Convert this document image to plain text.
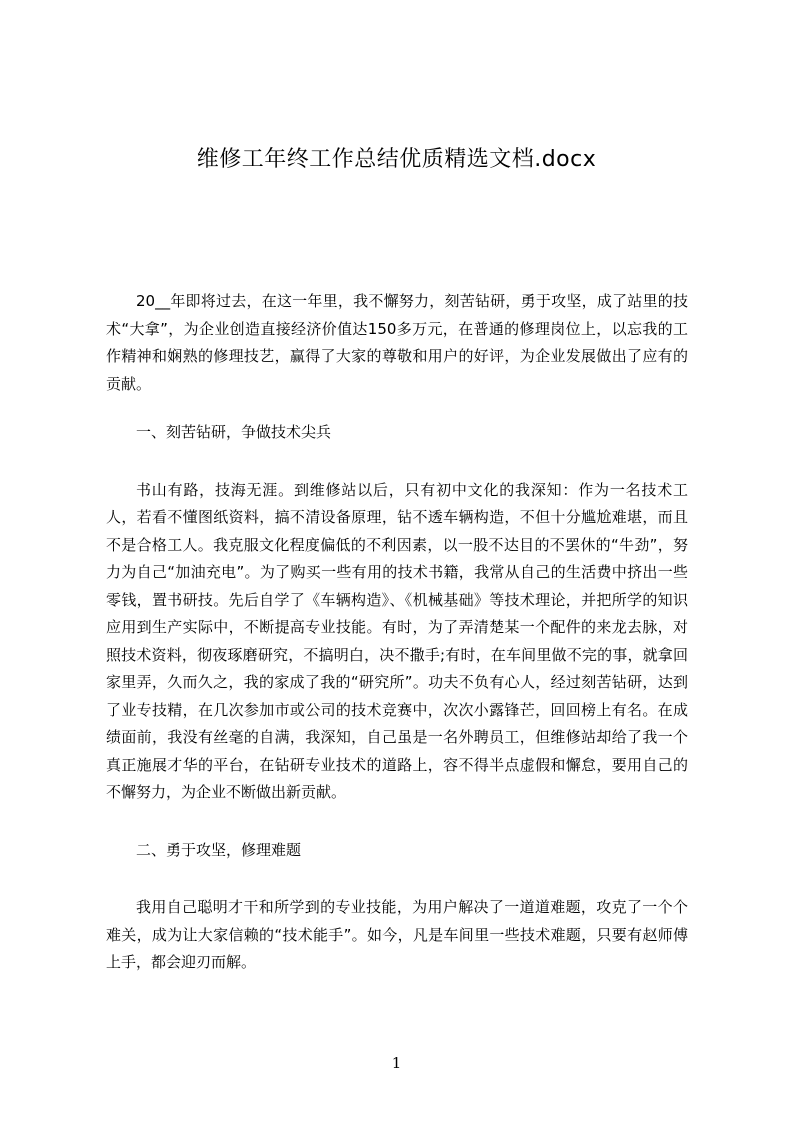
维修工年终工作总结优质精选文档.docx

20__年即将过去，在这一年里，我不懈努力，刻苦钻研，勇于攻坚，成了站里的技术“大拿”，为企业创造直接经济价值达150多万元，在普通的修理岗位上，以忘我的工作精神和娴熟的修理技艺，赢得了大家的尊敬和用户的好评，为企业发展做出了应有的贡献。

一、刻苦钻研，争做技术尖兵

书山有路，技海无涯。到维修站以后，只有初中文化的我深知：作为一名技术工人，若看不懂图纸资料，搞不清设备原理，钻不透车辆构造，不但十分尴尬难堪，而且不是合格工人。我克服文化程度偏低的不利因素，以一股不达目的不罢休的“牛劲”，努力为自己“加油充电”。为了购买一些有用的技术书籍，我常从自己的生活费中挤出一些零钱，置书研技。先后自学了《车辆构造》、《机械基础》等技术理论，并把所学的知识应用到生产实际中，不断提高专业技能。有时，为了弄清楚某一个配件的来龙去脉，对照技术资料，彻夜琢磨研究，不搞明白，决不撒手;有时，在车间里做不完的事，就拿回家里弄，久而久之，我的家成了我的“研究所”。功夫不负有心人，经过刻苦钻研，达到了业专技精，在几次参加市或公司的技术竞赛中，次次小露锋芒，回回榜上有名。在成绩面前，我没有丝毫的自满，我深知，自己虽是一名外聘员工，但维修站却给了我一个真正施展才华的平台，在钻研专业技术的道路上，容不得半点虚假和懈怠，要用自己的不懈努力，为企业不断做出新贡献。

二、勇于攻坚，修理难题

我用自己聪明才干和所学到的专业技能，为用户解决了一道道难题，攻克了一个个难关，成为让大家信赖的“技术能手”。如今，凡是车间里一些技术难题，只要有赵师傅上手，都会迎刃而解。

1
